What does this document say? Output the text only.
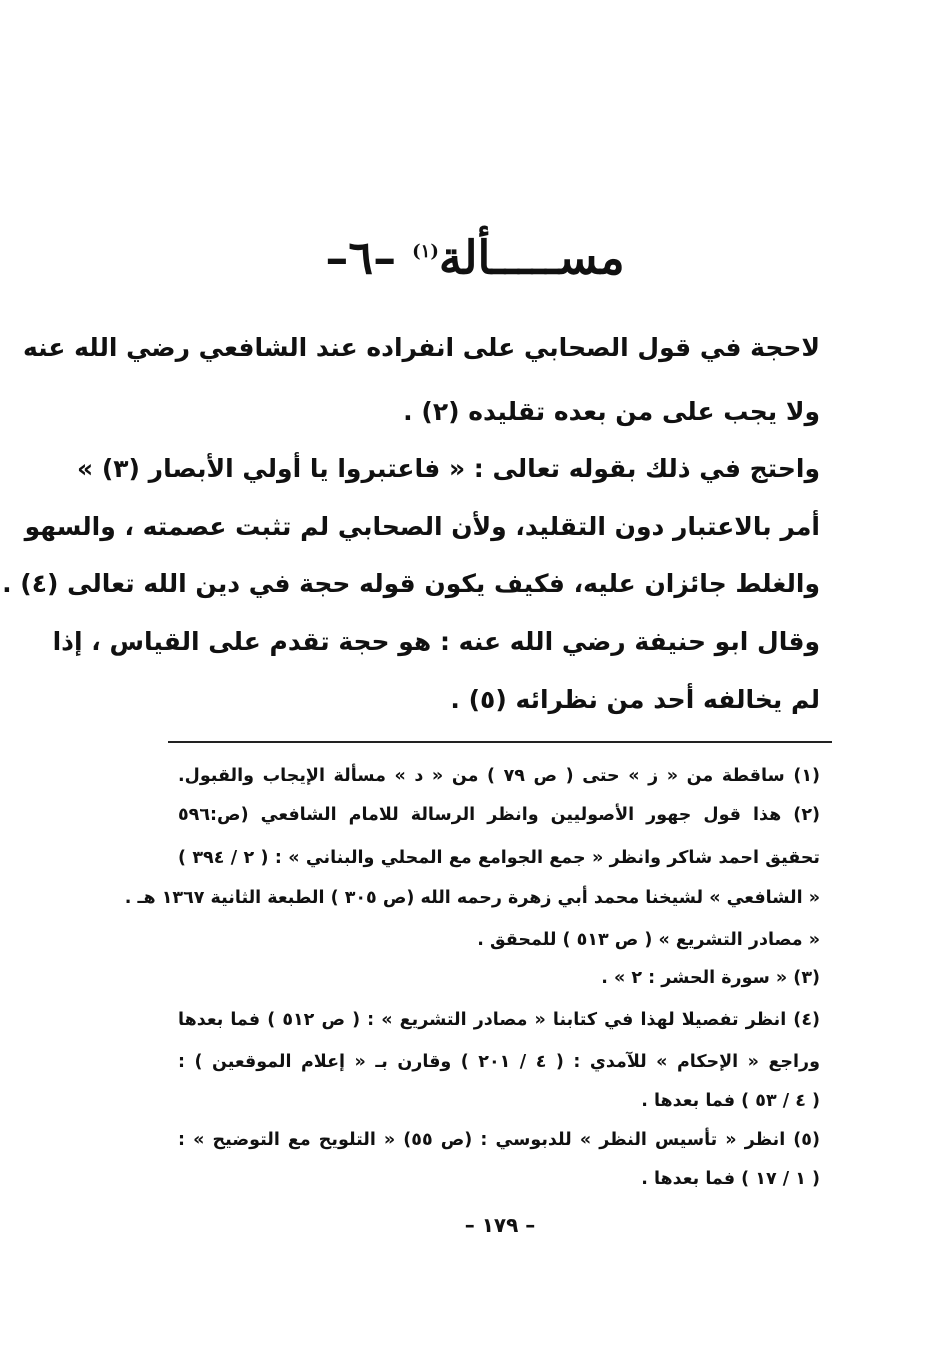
مســـــألة$^{(١)}$ –٦–
لاحجة في قول الصحابي على انفراده عند الشافعي رضي الله عنه
ولا يجب على من بعده تقليده (٢) .
واحتج في ذلك بقوله تعالى : « فاعتبروا يا أولي الأبصار (٣) »
أمر بالاعتبار دون التقليد، ولأن الصحابي لم تثبت عصمته ، والسهو
والغلط جائزان عليه، فكيف يكون قوله حجة في دين الله تعالى (٤) .
وقال ابو حنيفة رضي الله عنه : هو حجة تقدم على القياس ، إذا
لم يخالفه أحد من نظرائه (٥) .
(١) ساقطة من « ز » حتى ( ص ٧٩ ) من « د » مسألة الإيجاب والقبول.
(٢) هذا قول جهور الأصوليين وانظر الرسالة للامام الشافعي (ص:٥٩٦
تحقيق احمد شاكر وانظر « جمع الجوامع مع المحلي والبناني » : ( ٢ / ٣٩٤ )
« الشافعي » لشيخنا محمد أبي زهرة رحمه الله (ص ٣٠٥ ) الطبعة الثانية ١٣٦٧ هـ .
« مصادر التشريع » ( ص ٥١٣ ) للمحقق .
(٣) « سورة الحشر : ٢ » .
(٤) انظر تفصيلا لهذا في كتابنا « مصادر التشريع » : ( ص ٥١٢ ) فما بعدها
وراجع « الإحكام » للآمدي : ( ٤ / ٢٠١ ) وقارن بـ « إعلام الموقعين ) :
( ٤ / ٥٣ ) فما بعدها .
(٥) انظر « تأسيس النظر » للدبوسي : (ص ٥٥) « التلويح مع التوضيح » :
( ١ / ١٧ ) فما بعدها .
– ١٧٩ –
